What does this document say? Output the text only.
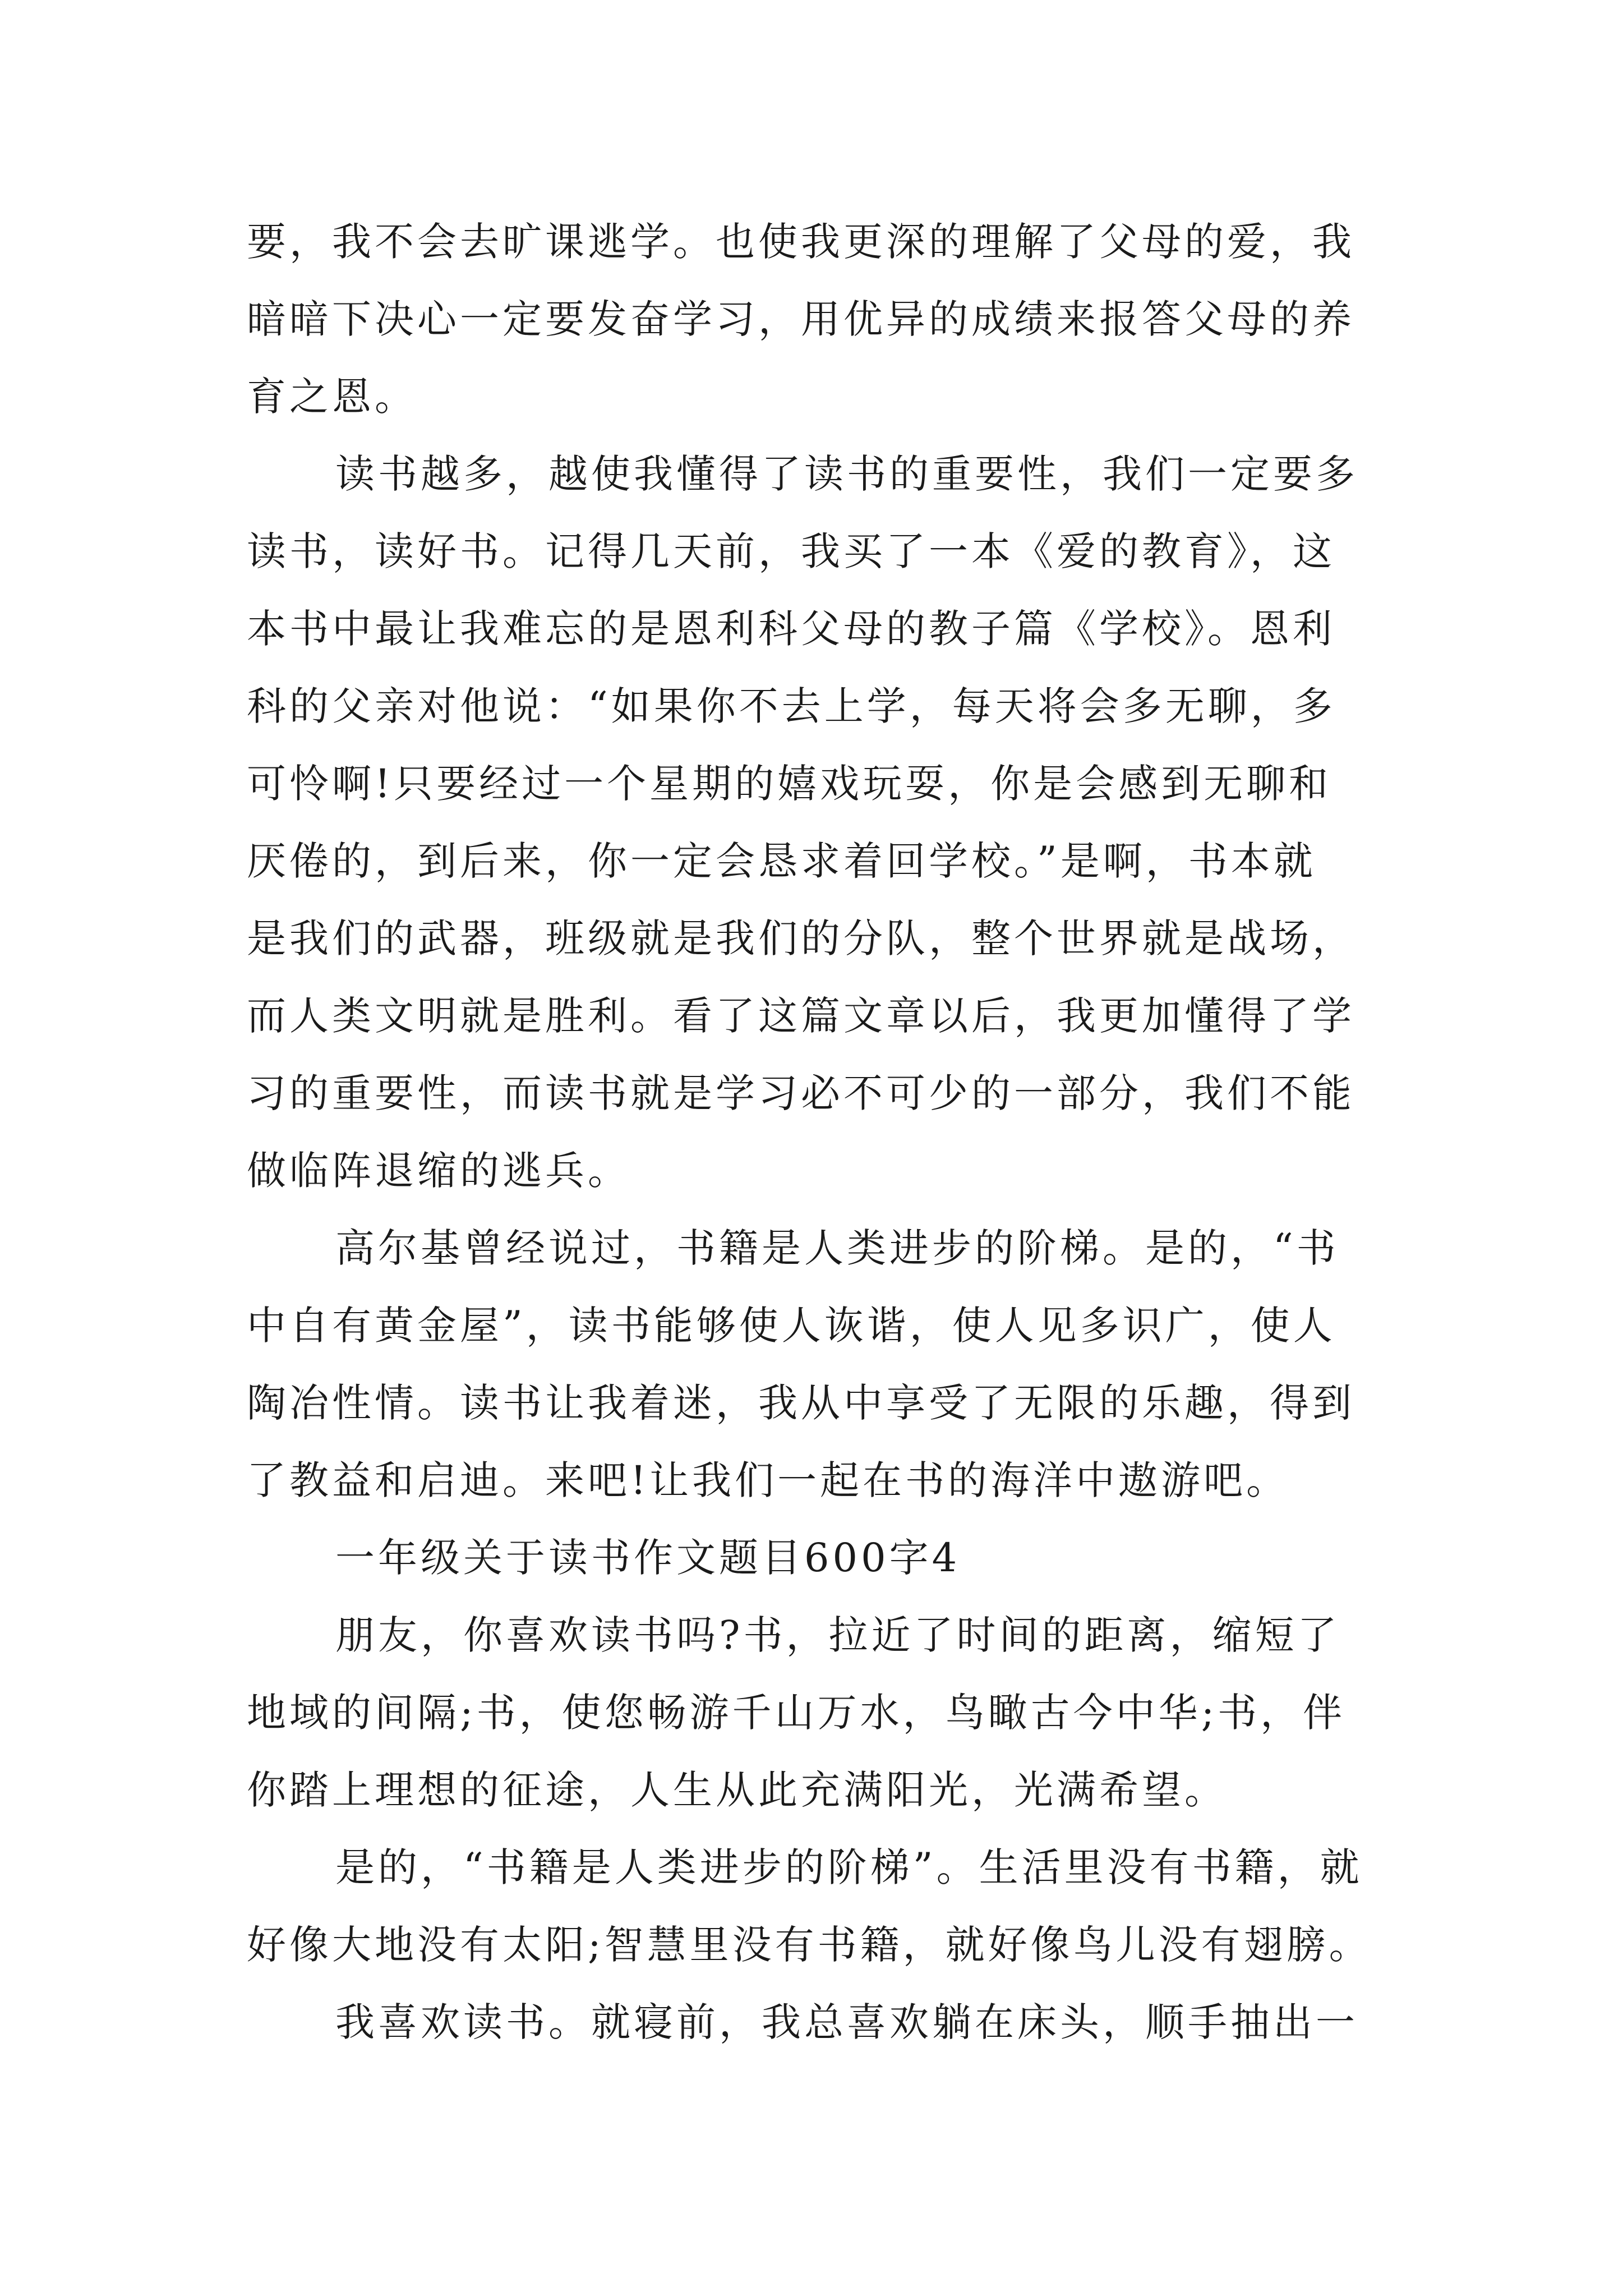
要，我不会去旷课逃学。也使我更深的理解了父母的爱，我
暗暗下决心一定要发奋学习，用优异的成绩来报答父母的养
育之恩。
读书越多，越使我懂得了读书的重要性，我们一定要多
读书，读好书。记得几天前，我买了一本《爱的教育》，这
本书中最让我难忘的是恩利科父母的教子篇《学校》。恩利
科的父亲对他说：“如果你不去上学，每天将会多无聊，多
可怜啊!只要经过一个星期的嬉戏玩耍，你是会感到无聊和
厌倦的，到后来，你一定会恳求着回学校。”是啊，书本就
是我们的武器，班级就是我们的分队，整个世界就是战场，
而人类文明就是胜利。看了这篇文章以后，我更加懂得了学
习的重要性，而读书就是学习必不可少的一部分，我们不能
做临阵退缩的逃兵。
高尔基曾经说过，书籍是人类进步的阶梯。是的，“书
中自有黄金屋”，读书能够使人诙谐，使人见多识广，使人
陶冶性情。读书让我着迷，我从中享受了无限的乐趣，得到
了教益和启迪。来吧!让我们一起在书的海洋中遨游吧。
一年级关于读书作文题目600字4
朋友，你喜欢读书吗?书，拉近了时间的距离，缩短了
地域的间隔;书，使您畅游千山万水，鸟瞰古今中华;书，伴
你踏上理想的征途，人生从此充满阳光，光满希望。
是的，“书籍是人类进步的阶梯”。生活里没有书籍，就
好像大地没有太阳;智慧里没有书籍，就好像鸟儿没有翅膀。
我喜欢读书。就寝前，我总喜欢躺在床头，顺手抽出一
